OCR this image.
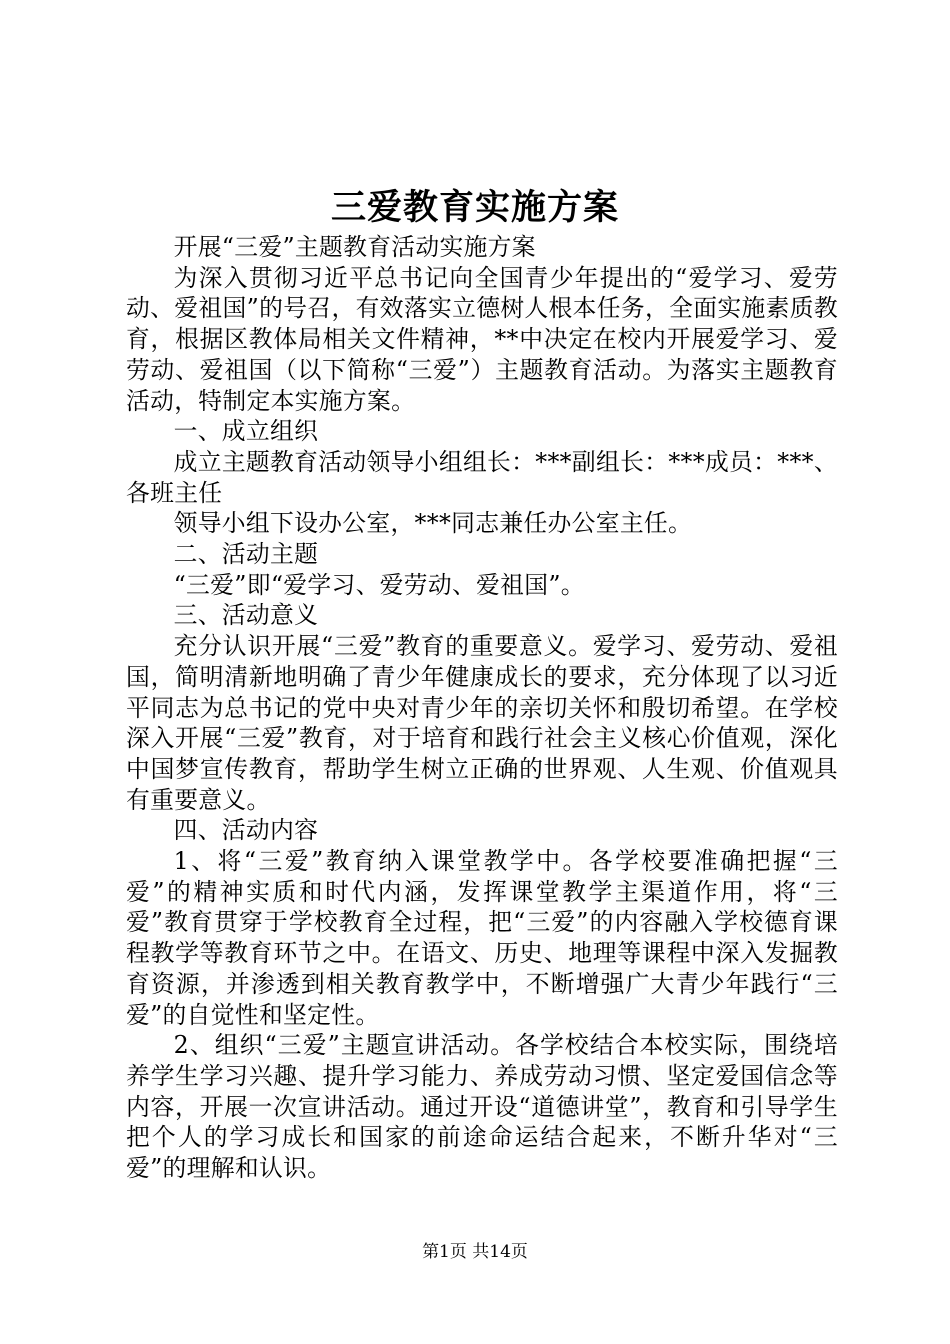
三爱教育实施方案

开展“三爱”主题教育活动实施方案

为深入贯彻习近平总书记向全国青少年提出的“爱学习、爱劳动、爱祖国”的号召，有效落实立德树人根本任务，全面实施素质教育，根据区教体局相关文件精神，**中决定在校内开展爱学习、爱劳动、爱祖国（以下简称“三爱”）主题教育活动。为落实主题教育活动，特制定本实施方案。

一、成立组织

成立主题教育活动领导小组组长：***副组长：***成员：***、各班主任

领导小组下设办公室，***同志兼任办公室主任。

二、活动主题

“三爱”即“爱学习、爱劳动、爱祖国”。

三、活动意义

充分认识开展“三爱”教育的重要意义。爱学习、爱劳动、爱祖国，简明清新地明确了青少年健康成长的要求，充分体现了以习近平同志为总书记的党中央对青少年的亲切关怀和殷切希望。在学校深入开展“三爱”教育，对于培育和践行社会主义核心价值观，深化中国梦宣传教育，帮助学生树立正确的世界观、人生观、价值观具有重要意义。

四、活动内容

1、将“三爱”教育纳入课堂教学中。各学校要准确把握“三爱”的精神实质和时代内涵，发挥课堂教学主渠道作用，将“三爱”教育贯穿于学校教育全过程，把“三爱”的内容融入学校德育课程教学等教育环节之中。在语文、历史、地理等课程中深入发掘教育资源，并渗透到相关教育教学中，不断增强广大青少年践行“三爱”的自觉性和坚定性。

2、组织“三爱”主题宣讲活动。各学校结合本校实际，围绕培养学生学习兴趣、提升学习能力、养成劳动习惯、坚定爱国信念等内容，开展一次宣讲活动。通过开设“道德讲堂”，教育和引导学生把个人的学习成长和国家的前途命运结合起来，不断升华对“三爱”的理解和认识。

第1页 共14页
